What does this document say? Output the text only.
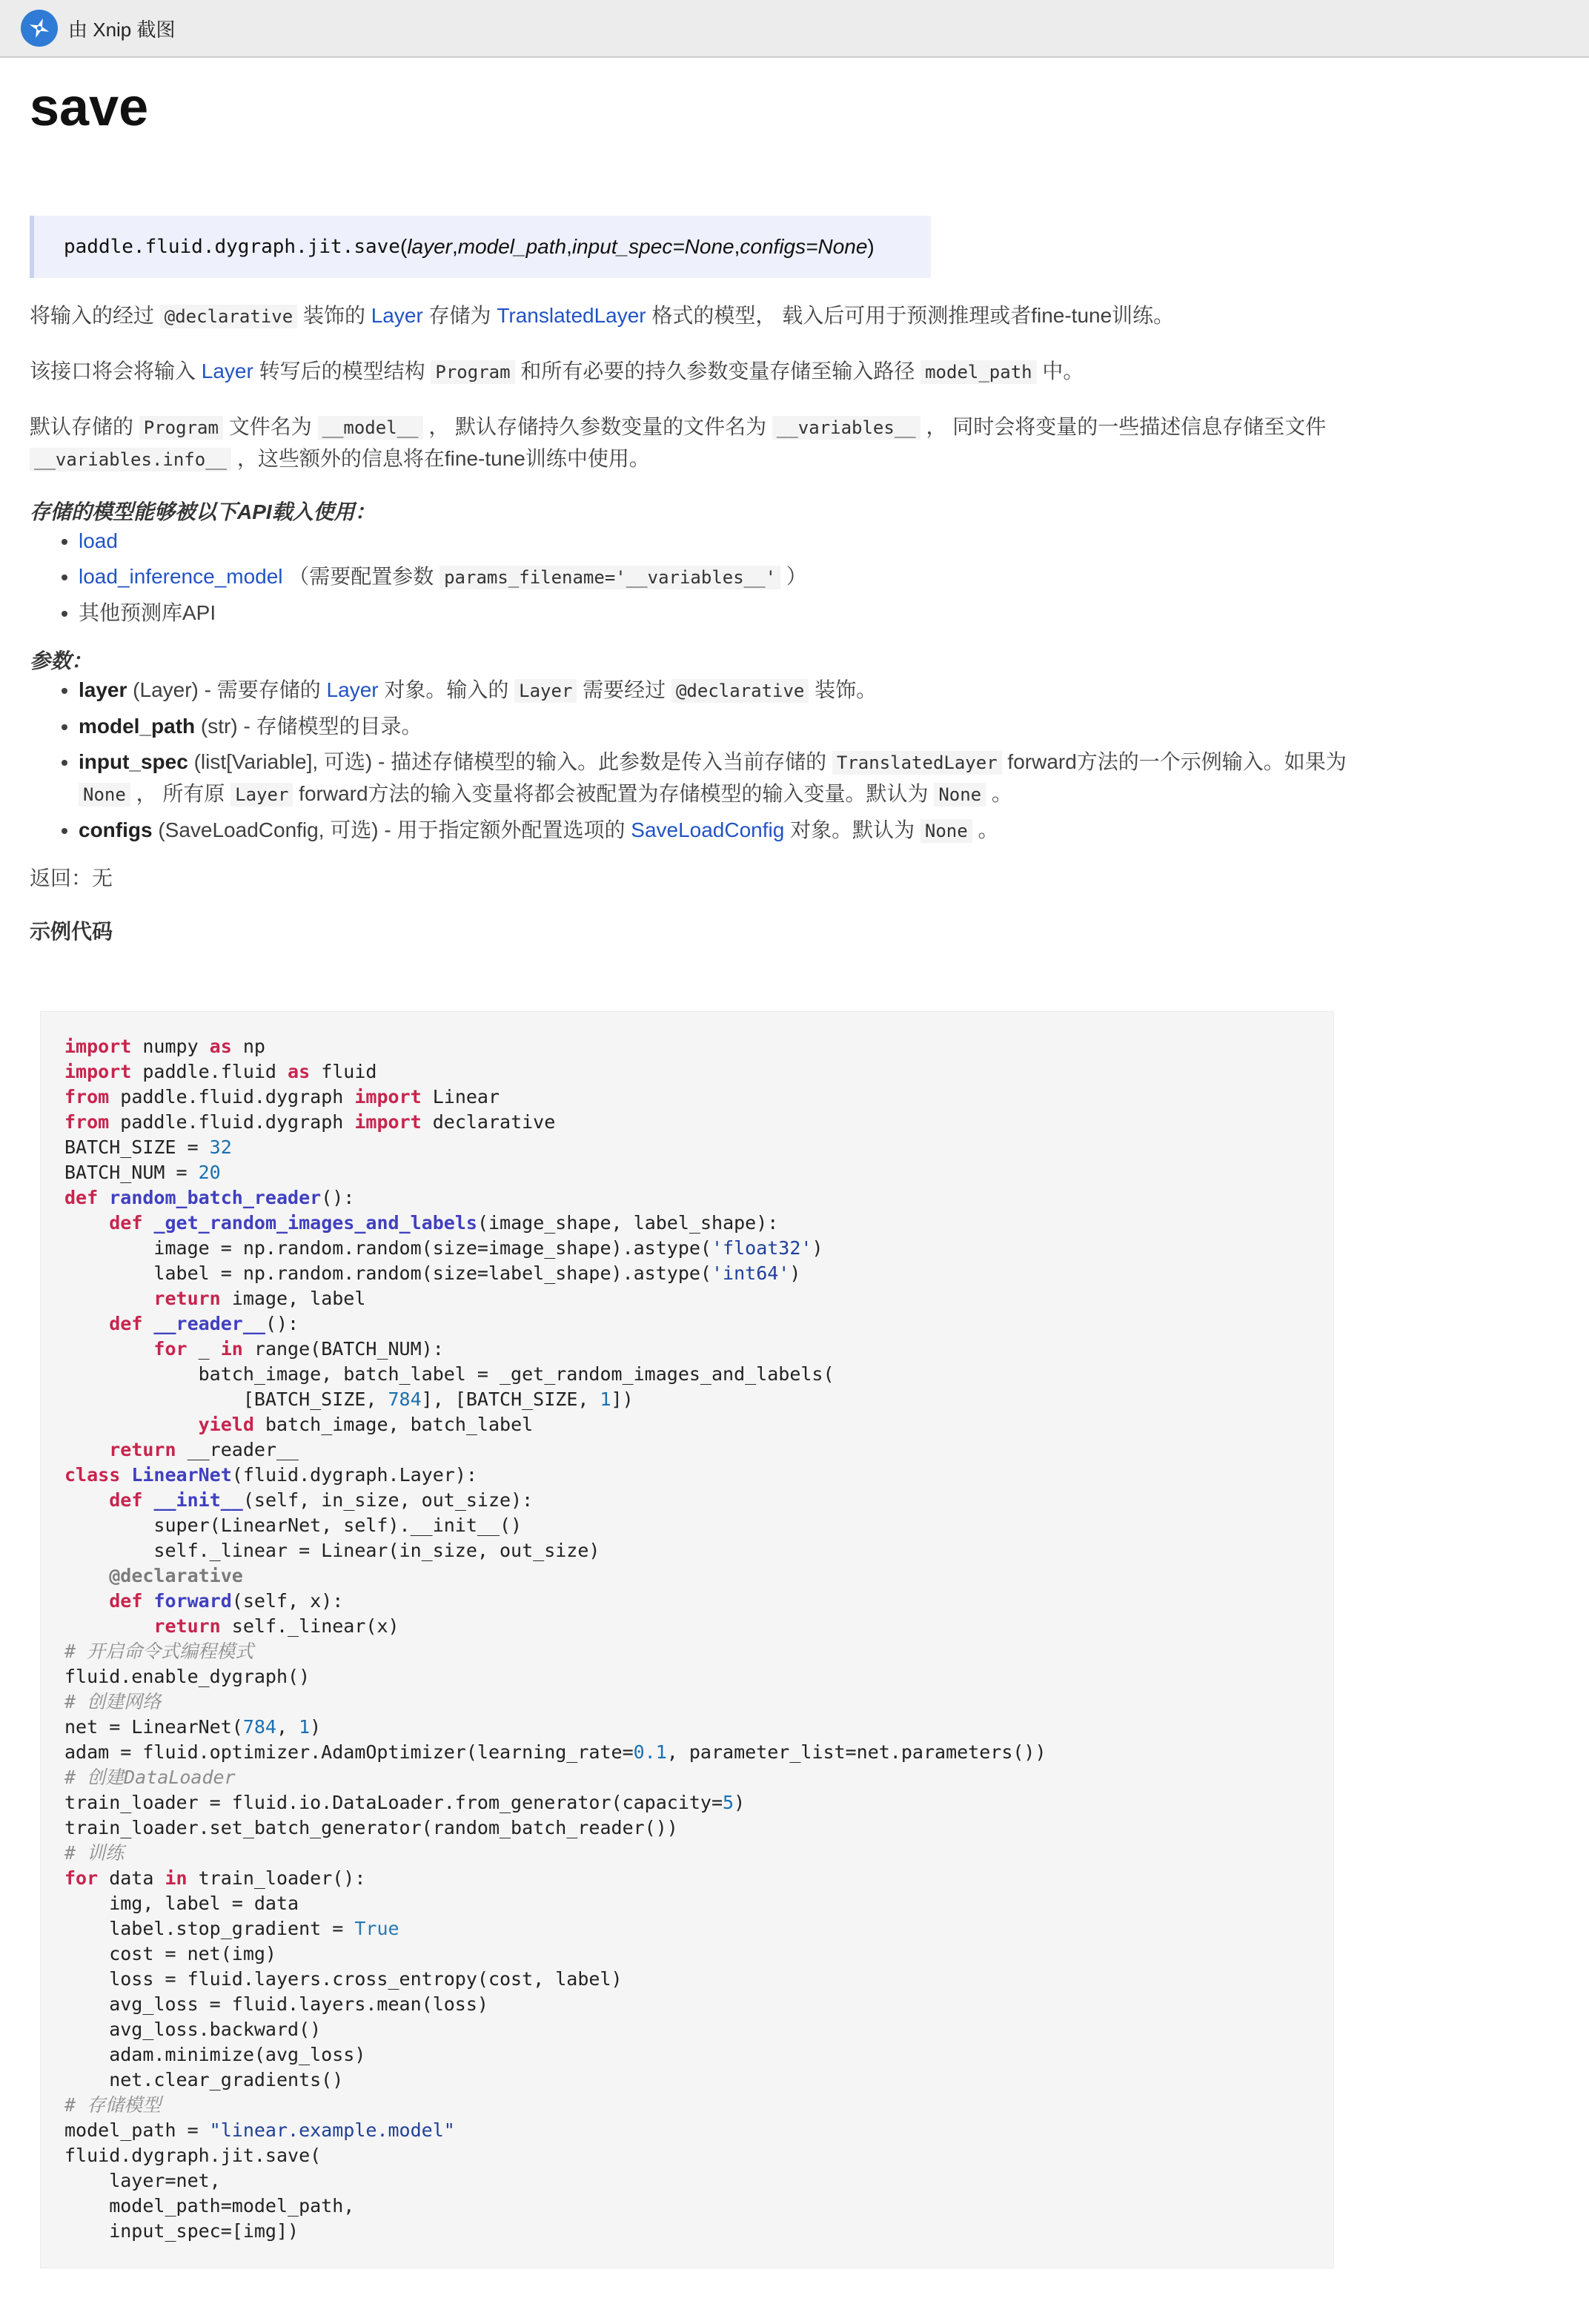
由 Xnip 截图
save
paddle.fluid.dygraph.jit.save ( layer , model_path , input_spec=None , configs=None )

将输入的经过 @declarative 装饰的 Layer 存储为 TranslatedLayer 格式的模型， 载入后可用于预测推理或者fine-tune训练。

该接口将会将输入 Layer 转写后的模型结构 Program 和所有必要的持久参数变量存储至输入路径 model_path 中。

默认存储的 Program 文件名为 __model__ ， 默认存储持久参数变量的文件名为 __variables__ ， 同时会将变量的一些描述信息存储至文件
__variables.info__ ，这些额外的信息将在fine-tune训练中使用。

存储的模型能够被以下API载入使用：
• load
• load_inference_model （需要配置参数 params_filename='__variables__' ）
• 其他预测库API
参数：
• layer (Layer) - 需要存储的 Layer 对象。输入的 Layer 需要经过 @declarative 装饰。
• model_path (str) - 存储模型的目录。
• input_spec (list[Variable], 可选) - 描述存储模型的输入。此参数是传入当前存储的 TranslatedLayer forward方法的一个示例输入。如果为 None ， 所有原 Layer forward方法的输入变量将都会被配置为存储模型的输入变量。默认为 None 。
• configs (SaveLoadConfig, 可选) - 用于指定额外配置选项的 SaveLoadConfig 对象。默认为 None 。

返回：无

示例代码

import numpy as np
import paddle.fluid as fluid
from paddle.fluid.dygraph import Linear
from paddle.fluid.dygraph import declarative
BATCH_SIZE = 32
BATCH_NUM = 20
def random_batch_reader():
def _get_random_images_and_labels(image_shape, label_shape):
image = np.random.random(size=image_shape).astype('float32')
label = np.random.random(size=label_shape).astype('int64')
return image, label
def __reader__():
for _ in range(BATCH_NUM):
batch_image, batch_label = _get_random_images_and_labels(
[BATCH_SIZE, 784], [BATCH_SIZE, 1])
yield batch_image, batch_label
return __reader__
class LinearNet(fluid.dygraph.Layer):
def __init__(self, in_size, out_size):
super(LinearNet, self).__init__()
self._linear = Linear(in_size, out_size)
@declarative
def forward(self, x):
return self._linear(x)
# 开启命令式编程模式
fluid.enable_dygraph()
# 创建网络
net = LinearNet(784, 1)
adam = fluid.optimizer.AdamOptimizer(learning_rate=0.1, parameter_list=net.parameters())
# 创建DataLoader
train_loader = fluid.io.DataLoader.from_generator(capacity=5)
train_loader.set_batch_generator(random_batch_reader())
# 训练
for data in train_loader():
img, label = data
label.stop_gradient = True
cost = net(img)
loss = fluid.layers.cross_entropy(cost, label)
avg_loss = fluid.layers.mean(loss)
avg_loss.backward()
adam.minimize(avg_loss)
net.clear_gradients()
# 存储模型
model_path = "linear.example.model"
fluid.dygraph.jit.save(
layer=net,
model_path=model_path,
input_spec=[img])
